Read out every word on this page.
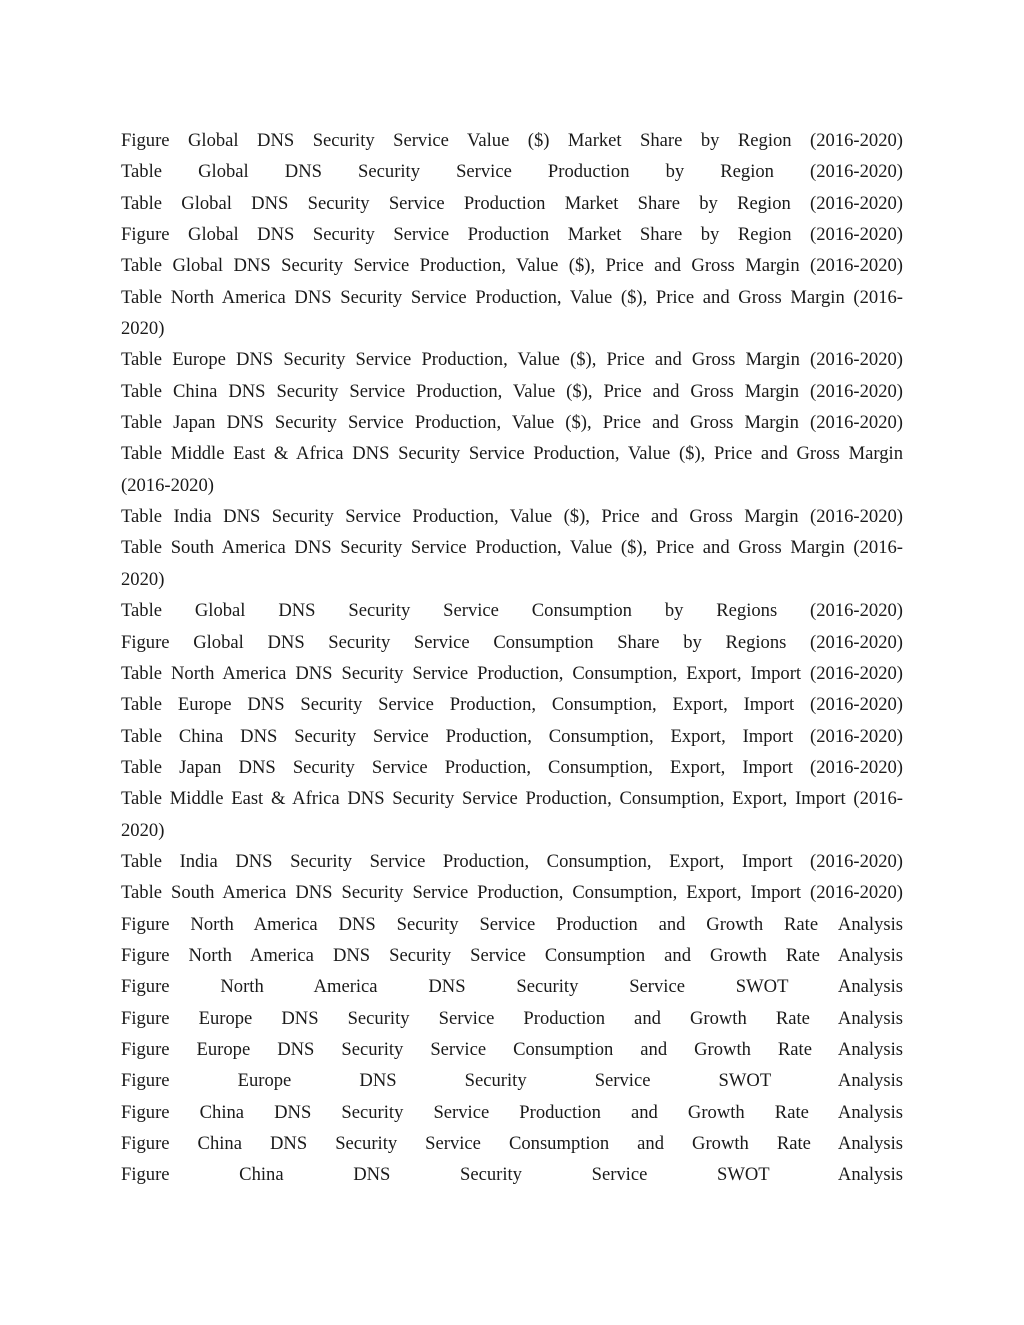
Figure Global DNS Security Service Value ($) Market Share by Region (2016-2020)
Table Global DNS Security Service Production by Region (2016-2020)
Table Global DNS Security Service Production Market Share by Region (2016-2020)
Figure Global DNS Security Service Production Market Share by Region (2016-2020)
Table Global DNS Security Service Production, Value ($), Price and Gross Margin (2016-2020)
Table North America DNS Security Service Production, Value ($), Price and Gross Margin (2016-
2020)
Table Europe DNS Security Service Production, Value ($), Price and Gross Margin (2016-2020)
Table China DNS Security Service Production, Value ($), Price and Gross Margin (2016-2020)
Table Japan DNS Security Service Production, Value ($), Price and Gross Margin (2016-2020)
Table Middle East & Africa DNS Security Service Production, Value ($), Price and Gross Margin
(2016-2020)
Table India DNS Security Service Production, Value ($), Price and Gross Margin (2016-2020)
Table South America DNS Security Service Production, Value ($), Price and Gross Margin (2016-
2020)
Table Global DNS Security Service Consumption by Regions (2016-2020)
Figure Global DNS Security Service Consumption Share by Regions (2016-2020)
Table North America DNS Security Service Production, Consumption, Export, Import (2016-2020)
Table Europe DNS Security Service Production, Consumption, Export, Import (2016-2020)
Table China DNS Security Service Production, Consumption, Export, Import (2016-2020)
Table Japan DNS Security Service Production, Consumption, Export, Import (2016-2020)
Table Middle East & Africa DNS Security Service Production, Consumption, Export, Import (2016-
2020)
Table India DNS Security Service Production, Consumption, Export, Import (2016-2020)
Table South America DNS Security Service Production, Consumption, Export, Import (2016-2020)
Figure North America DNS Security Service Production and Growth Rate Analysis
Figure North America DNS Security Service Consumption and Growth Rate Analysis
Figure North America DNS Security Service SWOT Analysis
Figure Europe DNS Security Service Production and Growth Rate Analysis
Figure Europe DNS Security Service Consumption and Growth Rate Analysis
Figure Europe DNS Security Service SWOT Analysis
Figure China DNS Security Service Production and Growth Rate Analysis
Figure China DNS Security Service Consumption and Growth Rate Analysis
Figure China DNS Security Service SWOT Analysis
